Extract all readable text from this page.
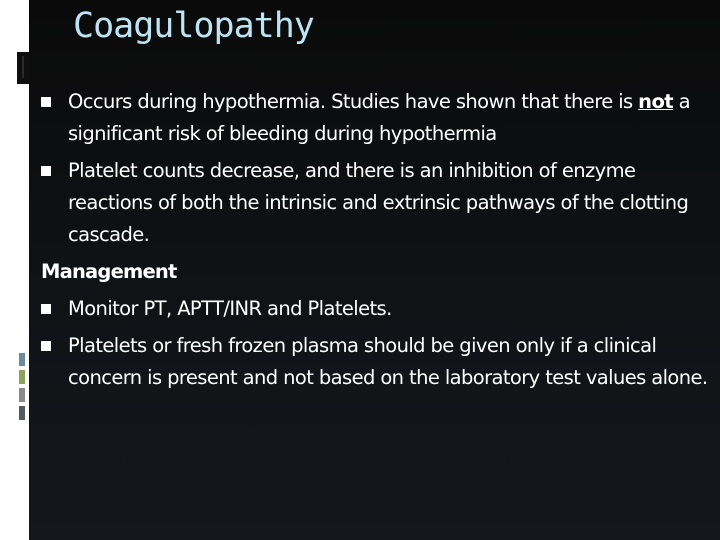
Coagulopathy
Occurs during hypothermia. Studies have shown that there is not a significant risk of bleeding during hypothermia
Platelet counts decrease, and there is an inhibition of enzyme reactions of both the intrinsic and extrinsic pathways of the clotting cascade.
Management
Monitor PT, APTT/INR and Platelets.
Platelets or fresh frozen plasma should be given only if a clinical concern is present and not based on the laboratory test values alone.
